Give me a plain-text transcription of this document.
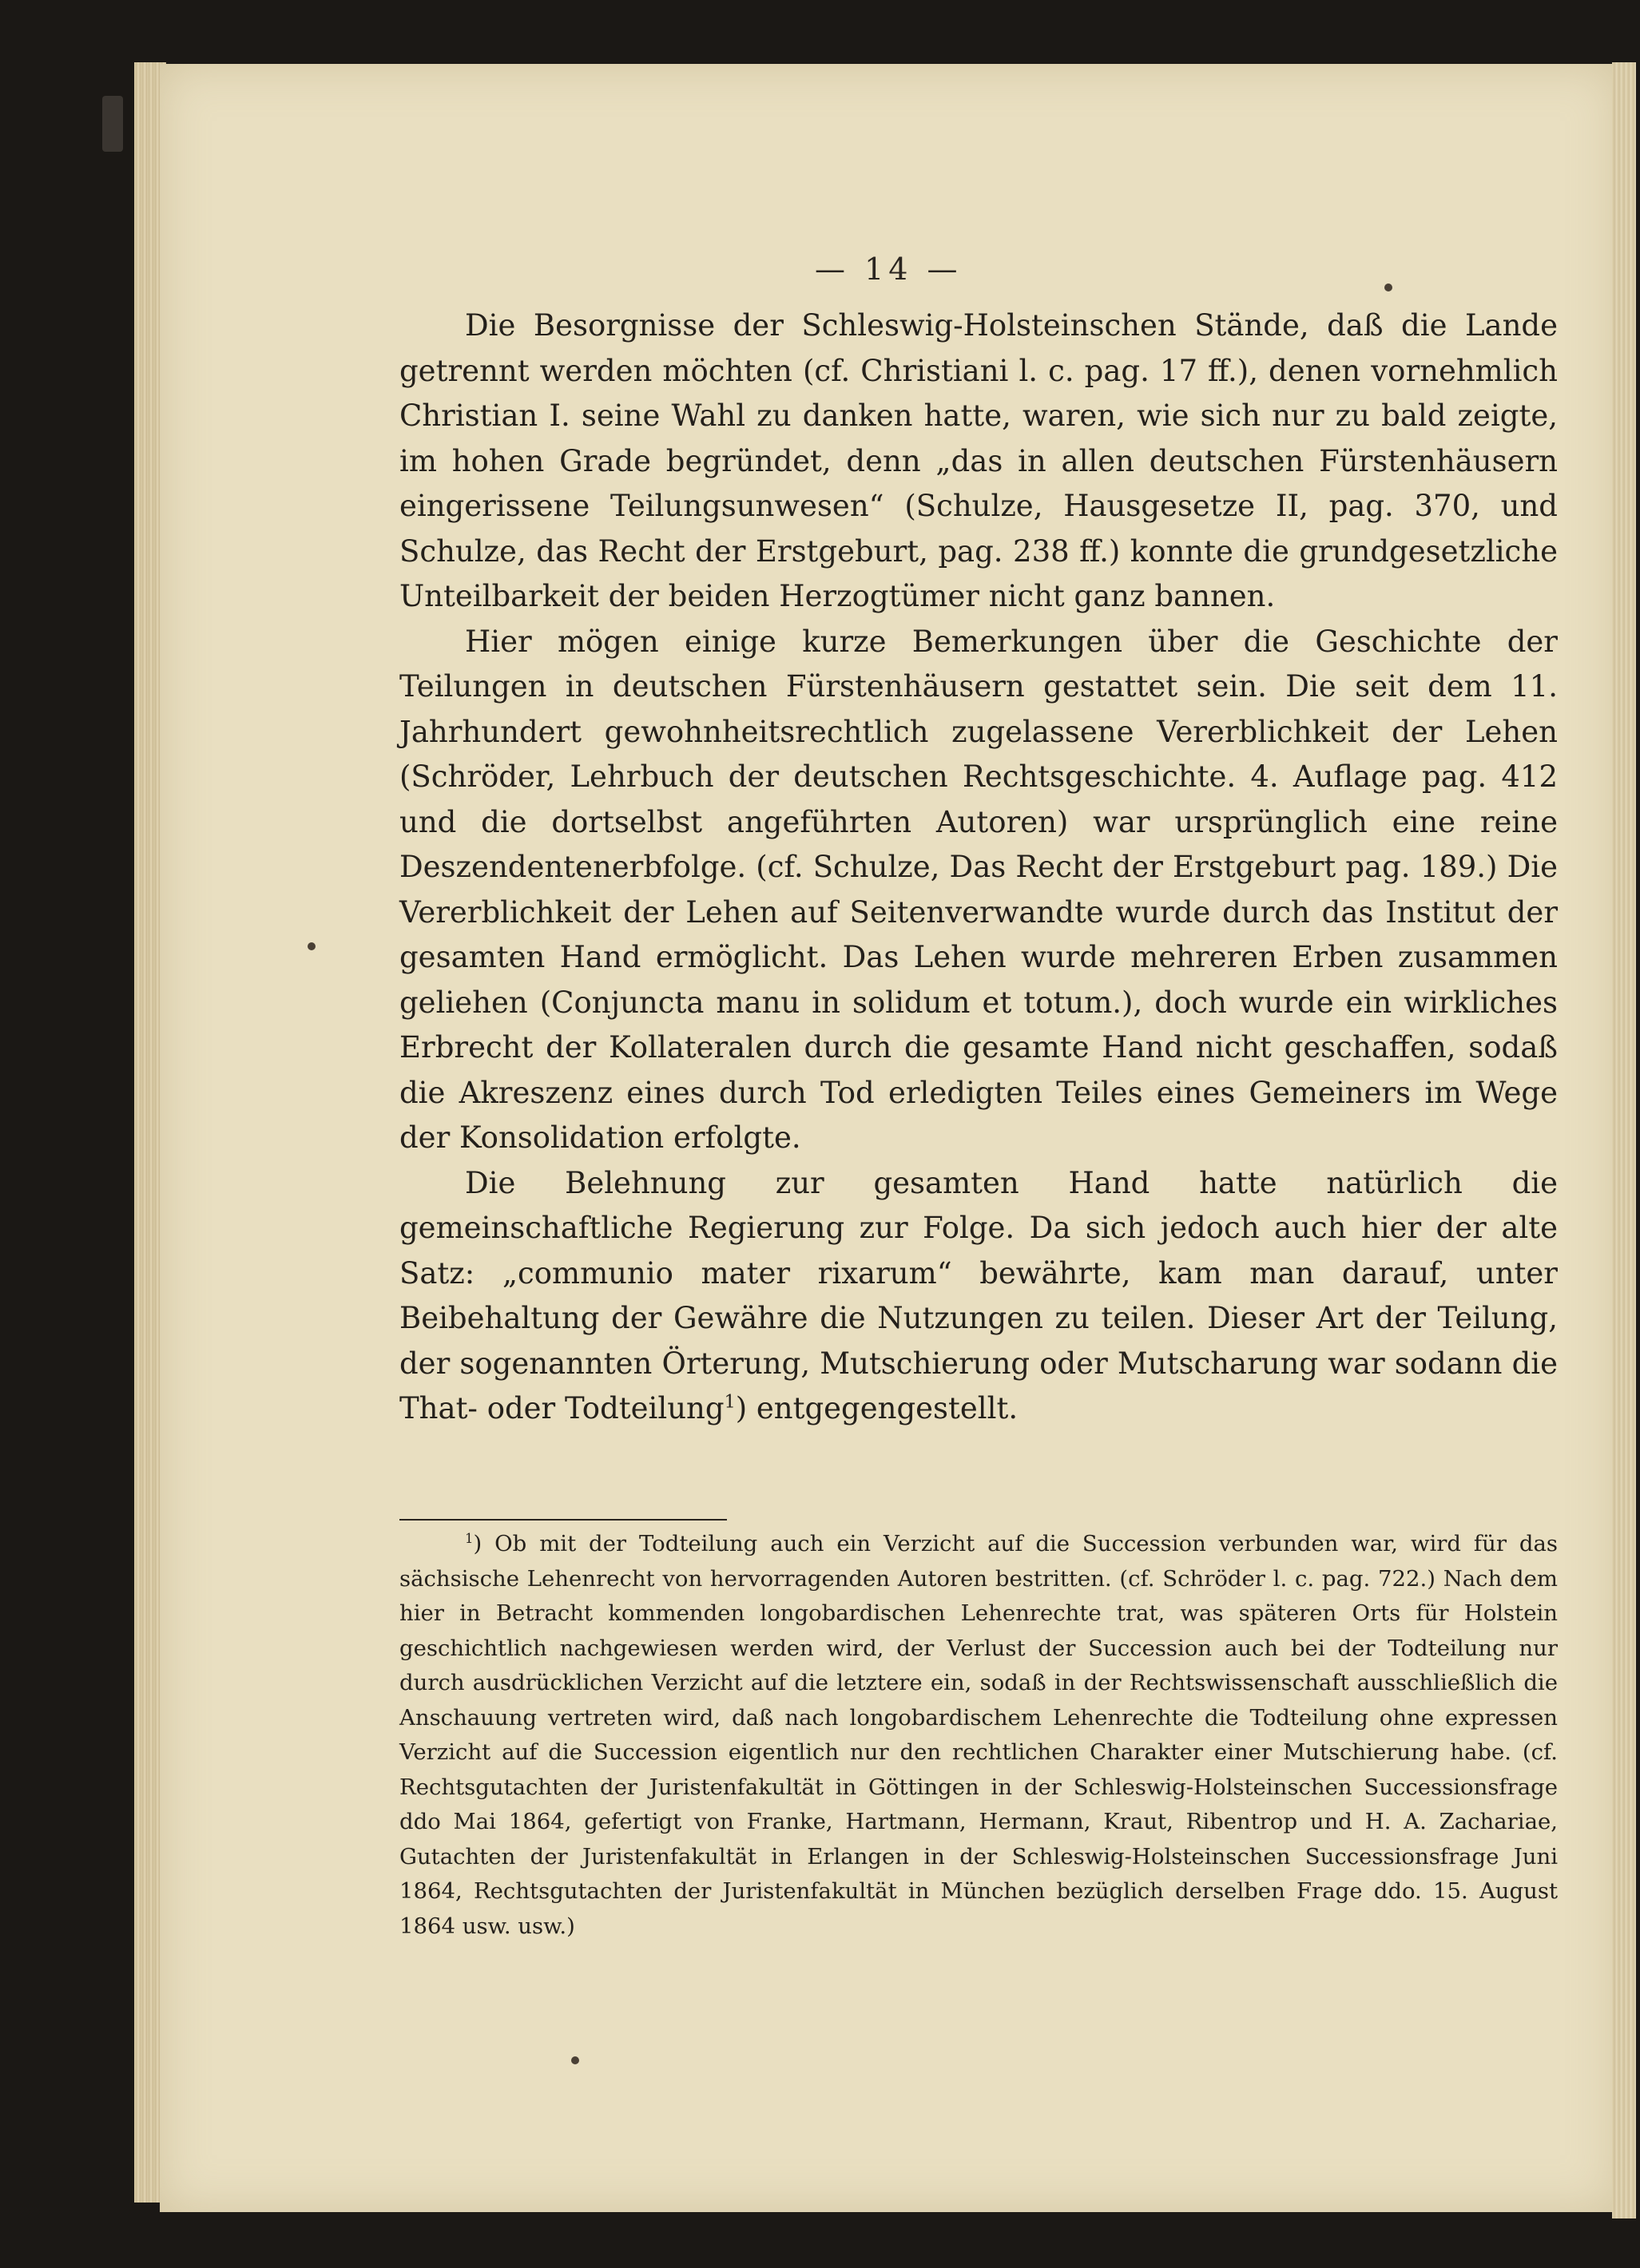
— 14 —

Die Besorgnisse der Schleswig-Holsteinschen Stände, daß die Lande getrennt werden möchten (cf. Christiani l. c. pag. 17 ff.), denen vornehmlich Christian I. seine Wahl zu danken hatte, waren, wie sich nur zu bald zeigte, im hohen Grade begründet, denn „das in allen deutschen Fürstenhäusern eingerissene Teilungsunwesen“ (Schulze, Hausgesetze II, pag. 370, und Schulze, das Recht der Erstgeburt, pag. 238 ff.) konnte die grundgesetzliche Unteilbarkeit der beiden Herzogtümer nicht ganz bannen.

Hier mögen einige kurze Bemerkungen über die Geschichte der Teilungen in deutschen Fürstenhäusern gestattet sein. Die seit dem 11. Jahrhundert gewohnheitsrechtlich zugelassene Vererblichkeit der Lehen (Schröder, Lehrbuch der deutschen Rechtsgeschichte. 4. Auflage pag. 412 und die dortselbst angeführten Autoren) war ursprünglich eine reine Deszendentenerbfolge. (cf. Schulze, Das Recht der Erstgeburt pag. 189.) Die Vererblichkeit der Lehen auf Seitenverwandte wurde durch das Institut der gesamten Hand ermöglicht. Das Lehen wurde mehreren Erben zusammen geliehen (Conjuncta manu in solidum et totum.), doch wurde ein wirkliches Erbrecht der Kollateralen durch die gesamte Hand nicht geschaffen, sodaß die Akreszenz eines durch Tod erledigten Teiles eines Gemeiners im Wege der Konsolidation erfolgte.

Die Belehnung zur gesamten Hand hatte natürlich die gemeinschaftliche Regierung zur Folge. Da sich jedoch auch hier der alte Satz: „communio mater rixarum“ bewährte, kam man darauf, unter Beibehaltung der Gewähre die Nutzungen zu teilen. Dieser Art der Teilung, der sogenannten Örterung, Mutschierung oder Mutscharung war sodann die That- oder Todteilung$^1$) entgegengestellt.

$^1$) Ob mit der Todteilung auch ein Verzicht auf die Succession verbunden war, wird für das sächsische Lehenrecht von hervorragenden Autoren bestritten. (cf. Schröder l. c. pag. 722.) Nach dem hier in Betracht kommenden longobardischen Lehenrechte trat, was späteren Orts für Holstein geschichtlich nachgewiesen werden wird, der Verlust der Succession auch bei der Todteilung nur durch ausdrücklichen Verzicht auf die letztere ein, sodaß in der Rechtswissenschaft ausschließlich die Anschauung vertreten wird, daß nach longobardischem Lehenrechte die Todteilung ohne expressen Verzicht auf die Succession eigentlich nur den rechtlichen Charakter einer Mutschierung habe. (cf. Rechtsgutachten der Juristenfakultät in Göttingen in der Schleswig-Holsteinschen Successionsfrage ddo Mai 1864, gefertigt von Franke, Hartmann, Hermann, Kraut, Ribentrop und H. A. Zachariae, Gutachten der Juristenfakultät in Erlangen in der Schleswig-Holsteinschen Successionsfrage Juni 1864, Rechtsgutachten der Juristenfakultät in München bezüglich derselben Frage ddo. 15. August 1864 usw. usw.)
